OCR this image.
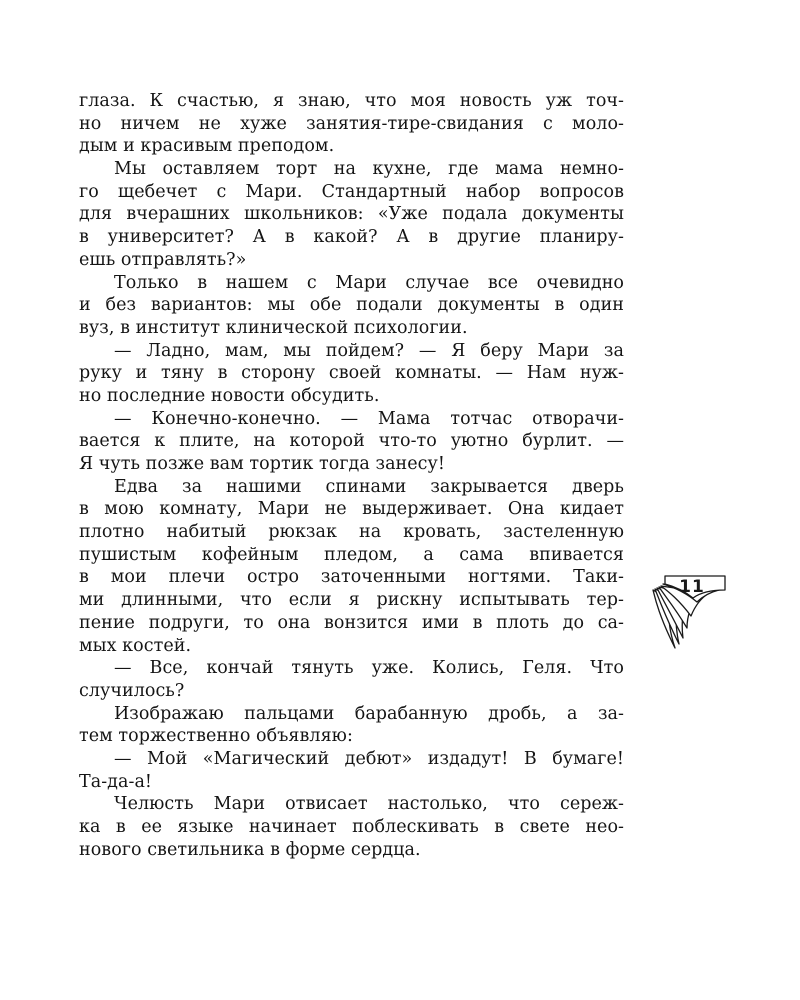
глаза. К счастью, я знаю, что моя новость уж точ-
но ничем не хуже занятия-тире-свидания с моло-
дым и красивым преподом.
Мы оставляем торт на кухне, где мама немно-
го щебечет с Мари. Стандартный набор вопросов
для вчерашних школьников: «Уже подала документы
в университет? А в какой? А в другие планиру-
ешь отправлять?»
Только в нашем с Мари случае все очевидно
и без вариантов: мы обе подали документы в один
вуз, в институт клинической психологии.
— Ладно, мам, мы пойдем? — Я беру Мари за
руку и тяну в сторону своей комнаты. — Нам нуж-
но последние новости обсудить.
— Конечно-конечно. — Мама тотчас отворачи-
вается к плите, на которой что-то уютно бурлит. —
Я чуть позже вам тортик тогда занесу!
Едва за нашими спинами закрывается дверь
в мою комнату, Мари не выдерживает. Она кидает
плотно набитый рюкзак на кровать, застеленную
пушистым кофейным пледом, а сама впивается
в мои плечи остро заточенными ногтями. Таки-
ми длинными, что если я рискну испытывать тер-
пение подруги, то она вонзится ими в плоть до са-
мых костей.
— Все, кончай тянуть уже. Колись, Геля. Что
случилось?
Изображаю пальцами барабанную дробь, а за-
тем торжественно объявляю:
— Мой «Магический дебют» издадут! В бумаге!
Та-да-а!
Челюсть Мари отвисает настолько, что сереж-
ка в ее языке начинает поблескивать в свете нео-
нового светильника в форме сердца.
11
